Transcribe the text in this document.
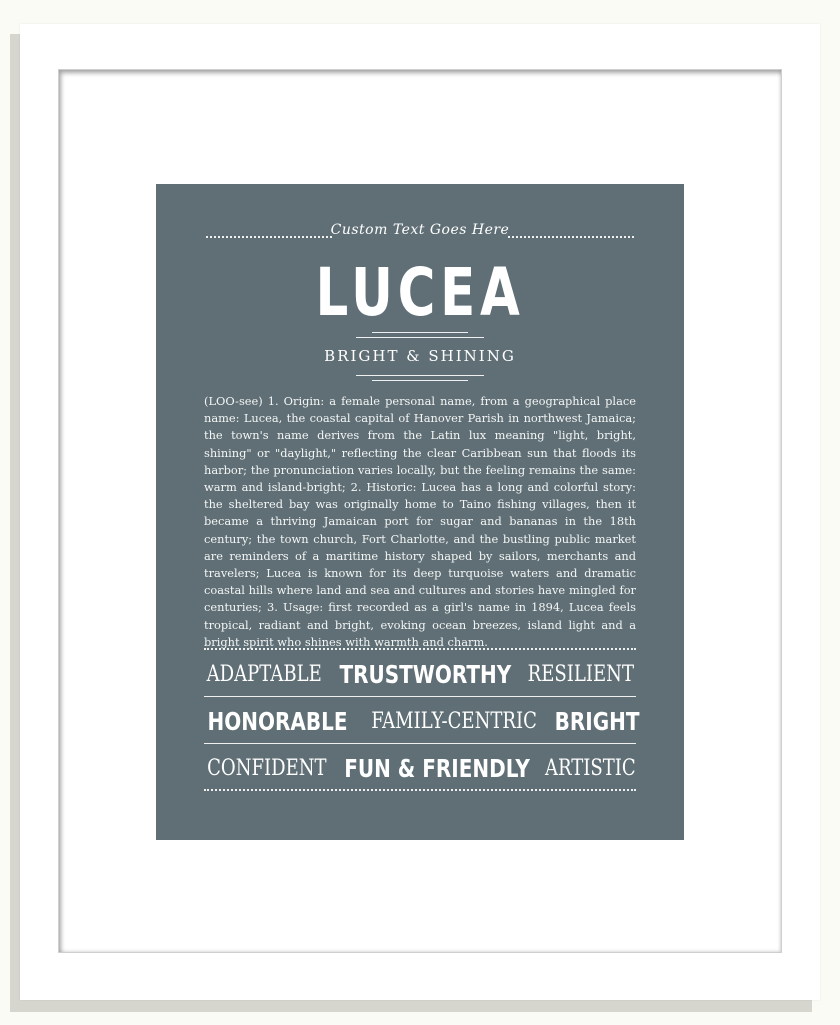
Custom Text Goes Here
LUCEA
BRIGHT & SHINING
(LOO-see) 1. Origin: a female personal name, from a geographical place name: Lucea, the coastal capital of Hanover Parish in northwest Jamaica; the town's name derives from the Latin lux meaning "light, bright, shining" or "daylight," reflecting the clear Caribbean sun that floods its harbor; the pronunciation varies locally, but the feeling remains the same: warm and island-bright; 2. Historic: Lucea has a long and colorful story: the sheltered bay was originally home to Taino fishing villages, then it became a thriving Jamaican port for sugar and bananas in the 18th century; the town church, Fort Charlotte, and the bustling public market are reminders of a maritime history shaped by sailors, merchants and travelers; Lucea is known for its deep turquoise waters and dramatic coastal hills where land and sea and cultures and stories have mingled for centuries; 3. Usage: first recorded as a girl's name in 1894, Lucea feels tropical, radiant and bright, evoking ocean breezes, island light and a bright spirit who shines with warmth and charm.
ADAPTABLE TRUSTWORTHY RESILIENT
HONORABLE FAMILY-CENTRIC BRIGHT
CONFIDENT FUN & FRIENDLY ARTISTIC
